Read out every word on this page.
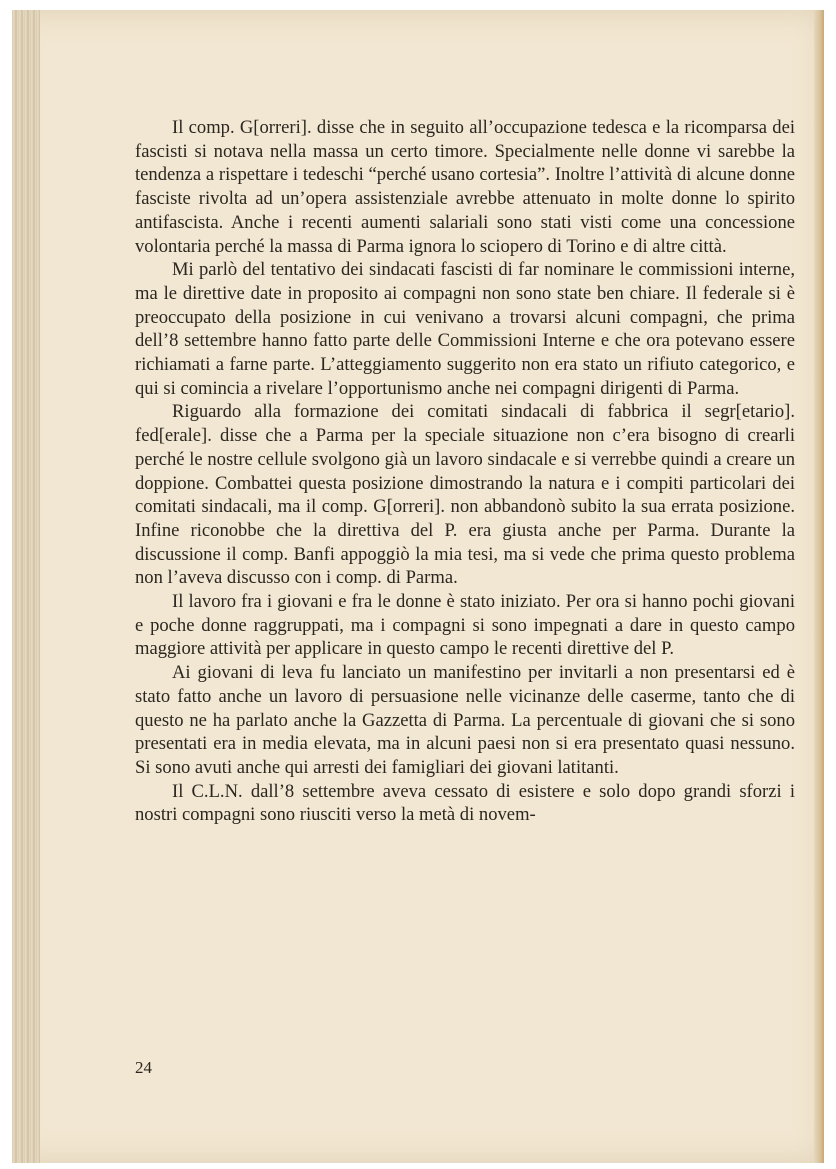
Il comp. G[orreri]. disse che in seguito all’occupazione tedesca e la ricomparsa dei fascisti si notava nella massa un certo timore. Specialmente nelle donne vi sarebbe la tendenza a rispettare i tedeschi “perché usano cortesia”. Inoltre l’attività di alcune donne fasciste rivolta ad un’opera assistenziale avrebbe attenuato in molte donne lo spirito antifascista. Anche i recenti aumenti salariali sono stati visti come una concessione volontaria perché la massa di Parma ignora lo sciopero di Torino e di altre città.

Mi parlò del tentativo dei sindacati fascisti di far nominare le commissioni interne, ma le direttive date in proposito ai compagni non sono state ben chiare. Il federale si è preoccupato della posizione in cui venivano a trovarsi alcuni compagni, che prima dell’8 settembre hanno fatto parte delle Commissioni Interne e che ora potevano essere richiamati a farne parte. L’atteggiamento suggerito non era stato un rifiuto categorico, e qui si comincia a rivelare l’opportunismo anche nei compagni dirigenti di Parma.

Riguardo alla formazione dei comitati sindacali di fabbrica il segr[etario]. fed[erale]. disse che a Parma per la speciale situazione non c’era bisogno di crearli perché le nostre cellule svolgono già un lavoro sindacale e si verrebbe quindi a creare un doppione. Combattei questa posizione dimostrando la natura e i compiti particolari dei comitati sindacali, ma il comp. G[orreri]. non abbandonò subito la sua errata posizione. Infine riconobbe che la direttiva del P. era giusta anche per Parma. Durante la discussione il comp. Banfi appoggiò la mia tesi, ma si vede che prima questo problema non l’aveva discusso con i comp. di Parma.

Il lavoro fra i giovani e fra le donne è stato iniziato. Per ora si hanno pochi giovani e poche donne raggruppati, ma i compagni si sono impegnati a dare in questo campo maggiore attività per applicare in questo campo le recenti direttive del P.

Ai giovani di leva fu lanciato un manifestino per invitarli a non presentarsi ed è stato fatto anche un lavoro di persuasione nelle vicinanze delle caserme, tanto che di questo ne ha parlato anche la Gazzetta di Parma. La percentuale di giovani che si sono presentati era in media elevata, ma in alcuni paesi non si era presentato quasi nessuno. Si sono avuti anche qui arresti dei famigliari dei giovani latitanti.

Il C.L.N. dall’8 settembre aveva cessato di esistere e solo dopo grandi sforzi i nostri compagni sono riusciti verso la metà di novem-

24
